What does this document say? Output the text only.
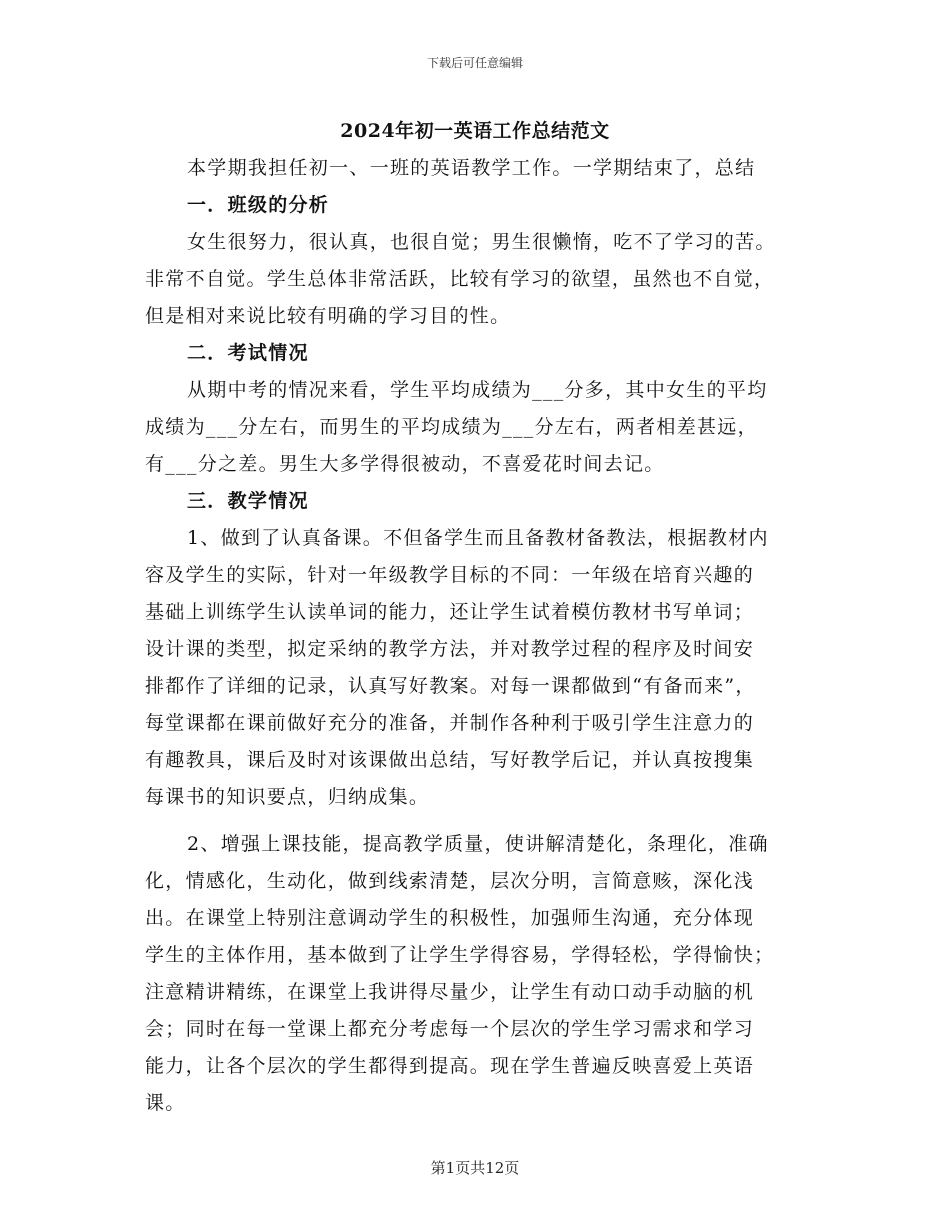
下载后可任意编辑
2024年初一英语工作总结范文
本学期我担任初一、一班的英语教学工作。一学期结束了，总结
一．班级的分析
女生很努力，很认真，也很自觉；男生很懒惰，吃不了学习的苦。
非常不自觉。学生总体非常活跃，比较有学习的欲望，虽然也不自觉，
但是相对来说比较有明确的学习目的性。
二．考试情况
从期中考的情况来看，学生平均成绩为___分多，其中女生的平均
成绩为___分左右，而男生的平均成绩为___分左右，两者相差甚远，
有___分之差。男生大多学得很被动，不喜爱花时间去记。
三．教学情况
1、做到了认真备课。不但备学生而且备教材备教法，根据教材内
容及学生的实际，针对一年级教学目标的不同：一年级在培育兴趣的
基础上训练学生认读单词的能力，还让学生试着模仿教材书写单词；
设计课的类型，拟定采纳的教学方法，并对教学过程的程序及时间安
排都作了详细的记录，认真写好教案。对每一课都做到“有备而来”，
每堂课都在课前做好充分的准备，并制作各种利于吸引学生注意力的
有趣教具，课后及时对该课做出总结，写好教学后记，并认真按搜集
每课书的知识要点，归纳成集。
2、增强上课技能，提高教学质量，使讲解清楚化，条理化，准确
化，情感化，生动化，做到线索清楚，层次分明，言简意赅，深化浅
出。在课堂上特别注意调动学生的积极性，加强师生沟通，充分体现
学生的主体作用，基本做到了让学生学得容易，学得轻松，学得愉快；
注意精讲精练，在课堂上我讲得尽量少，让学生有动口动手动脑的机
会；同时在每一堂课上都充分考虑每一个层次的学生学习需求和学习
能力，让各个层次的学生都得到提高。现在学生普遍反映喜爱上英语
课。
第1页共12页
